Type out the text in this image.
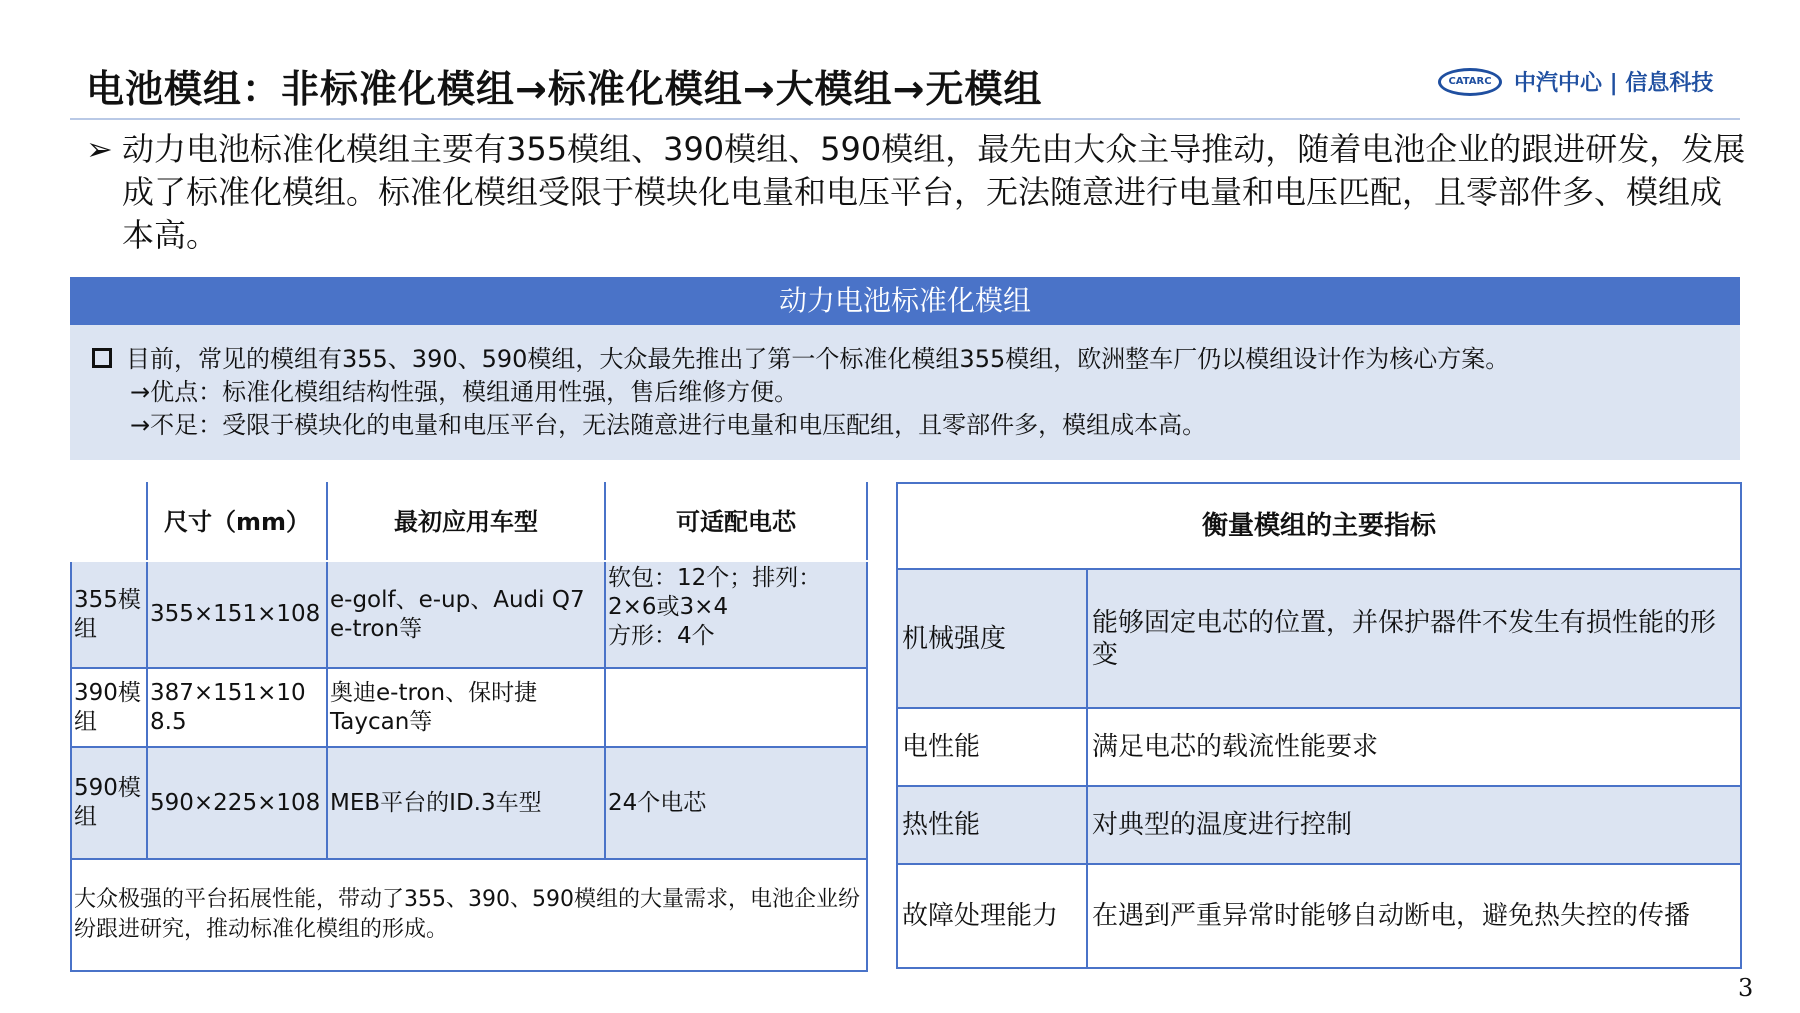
电池模组：非标准化模组→标准化模组→大模组→无模组	CATARC 中汽中心 | 信息科技
➢ 动力电池标准化模组主要有355模组、390模组、590模组，最先由大众主导推动，随着电池企业的跟进研发，发展成了标准化模组。标准化模组受限于模块化电量和电压平台，无法随意进行电量和电压匹配，且零部件多、模组成本高。
动力电池标准化模组
目前，常见的模组有355、390、590模组，大众最先推出了第一个标准化模组355模组，欧洲整车厂仍以模组设计作为核心方案。
→优点：标准化模组结构性强，模组通用性强，售后维修方便。
→不足：受限于模块化的电量和电压平台，无法随意进行电量和电压配组，且零部件多，模组成本高。
	尺寸（mm）	最初应用车型	可适配电芯
355模组	355×151×108	e-golf、e-up、Audi Q7 e-tron等	软包：12个；排列：2×6或3×4
方形：4个
390模组	387×151×108.5	奥迪e-tron、保时捷Taycan等	
590模组	590×225×108	MEB平台的ID.3车型	24个电芯
大众极强的平台拓展性能，带动了355、390、590模组的大量需求，电池企业纷纷跟进研究，推动标准化模组的形成。			
衡量模组的主要指标	
机械强度	能够固定电芯的位置，并保护器件不发生有损性能的形变
电性能	满足电芯的载流性能要求
热性能	对典型的温度进行控制
故障处理能力	在遇到严重异常时能够自动断电，避免热失控的传播
3
